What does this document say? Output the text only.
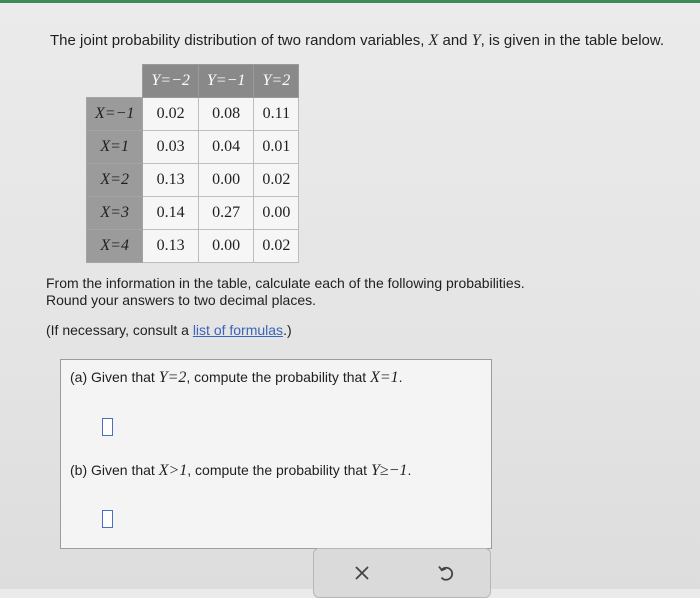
The joint probability distribution of two random variables, X and Y, is given in the table below.
	Y=−2	Y=−1	Y=2
X=−1	0.02	0.08	0.11
X=1	0.03	0.04	0.01
X=2	0.13	0.00	0.02
X=3	0.14	0.27	0.00
X=4	0.13	0.00	0.02
From the information in the table, calculate each of the following probabilities.
Round your answers to two decimal places.
(If necessary, consult a list of formulas.)
(a) Given that Y=2, compute the probability that X=1.
(b) Given that X>1, compute the probability that Y≥−1.
